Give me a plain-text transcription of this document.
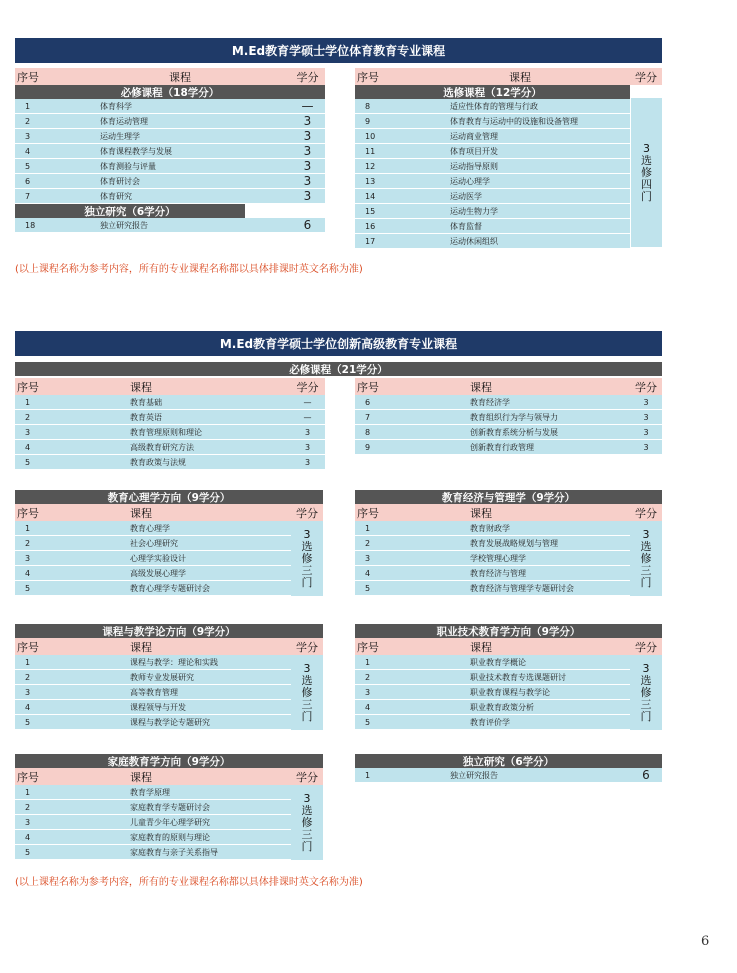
M.Ed教育学硕士学位体育教育专业课程
序号	课程	学分
必修课程（18学分）
1	体育科学	—
2	体育运动管理	3
3	运动生理学	3
4	体育课程教学与发展	3
5	体育测验与评量	3
6	体育研讨会	3
7	体育研究	3
独立研究（6学分）
18	独立研究报告	6
序号	课程	学分
选修课程（12学分）
8	适应性体育的管理与行政
9	体育教育与运动中的设施和设备管理
10	运动商业管理
11	体育项目开发
12	运动指导原则
13	运动心理学
14	运动医学
15	运动生物力学
16	体育监督
17	运动休闲组织
3
选
修
四
门
(以上课程名称为参考内容，所有的专业课程名称都以具体排课时英文名称为准)
M.Ed教育学硕士学位创新高级教育专业课程
必修课程（21学分）
序号	课程	学分
1	教育基础	—
2	教育英语	—
3	教育管理原则和理论	3
4	高级教育研究方法	3
5	教育政策与法规	3
序号	课程	学分
6	教育经济学	3
7	教育组织行为学与领导力	3
8	创新教育系统分析与发展	3
9	创新教育行政管理	3
教育心理学方向（9学分）
序号	课程	学分
1	教育心理学
2	社会心理研究
3	心理学实验设计
4	高级发展心理学
5	教育心理学专题研讨会
3
选
修
三
门
教育经济与管理学（9学分）
序号	课程	学分
1	教育财政学
2	教育发展战略规划与管理
3	学校管理心理学
4	教育经济与管理
5	教育经济与管理学专题研讨会
3
选
修
三
门
课程与教学论方向（9学分）
序号	课程	学分
1	课程与教学：理论和实践
2	教师专业发展研究
3	高等教育管理
4	课程领导与开发
5	课程与教学论专题研究
3
选
修
三
门
职业技术教育学方向（9学分）
序号	课程	学分
1	职业教育学概论
2	职业技术教育专选课题研讨
3	职业教育课程与教学论
4	职业教育政策分析
5	教育评价学
3
选
修
三
门
家庭教育学方向（9学分）
序号	课程	学分
1	教育学原理
2	家庭教育学专题研讨会
3	儿童青少年心理学研究
4	家庭教育的原则与理论
5	家庭教育与亲子关系指导
3
选
修
三
门
独立研究（6学分）
1	独立研究报告	6
(以上课程名称为参考内容，所有的专业课程名称都以具体排课时英文名称为准)
6
